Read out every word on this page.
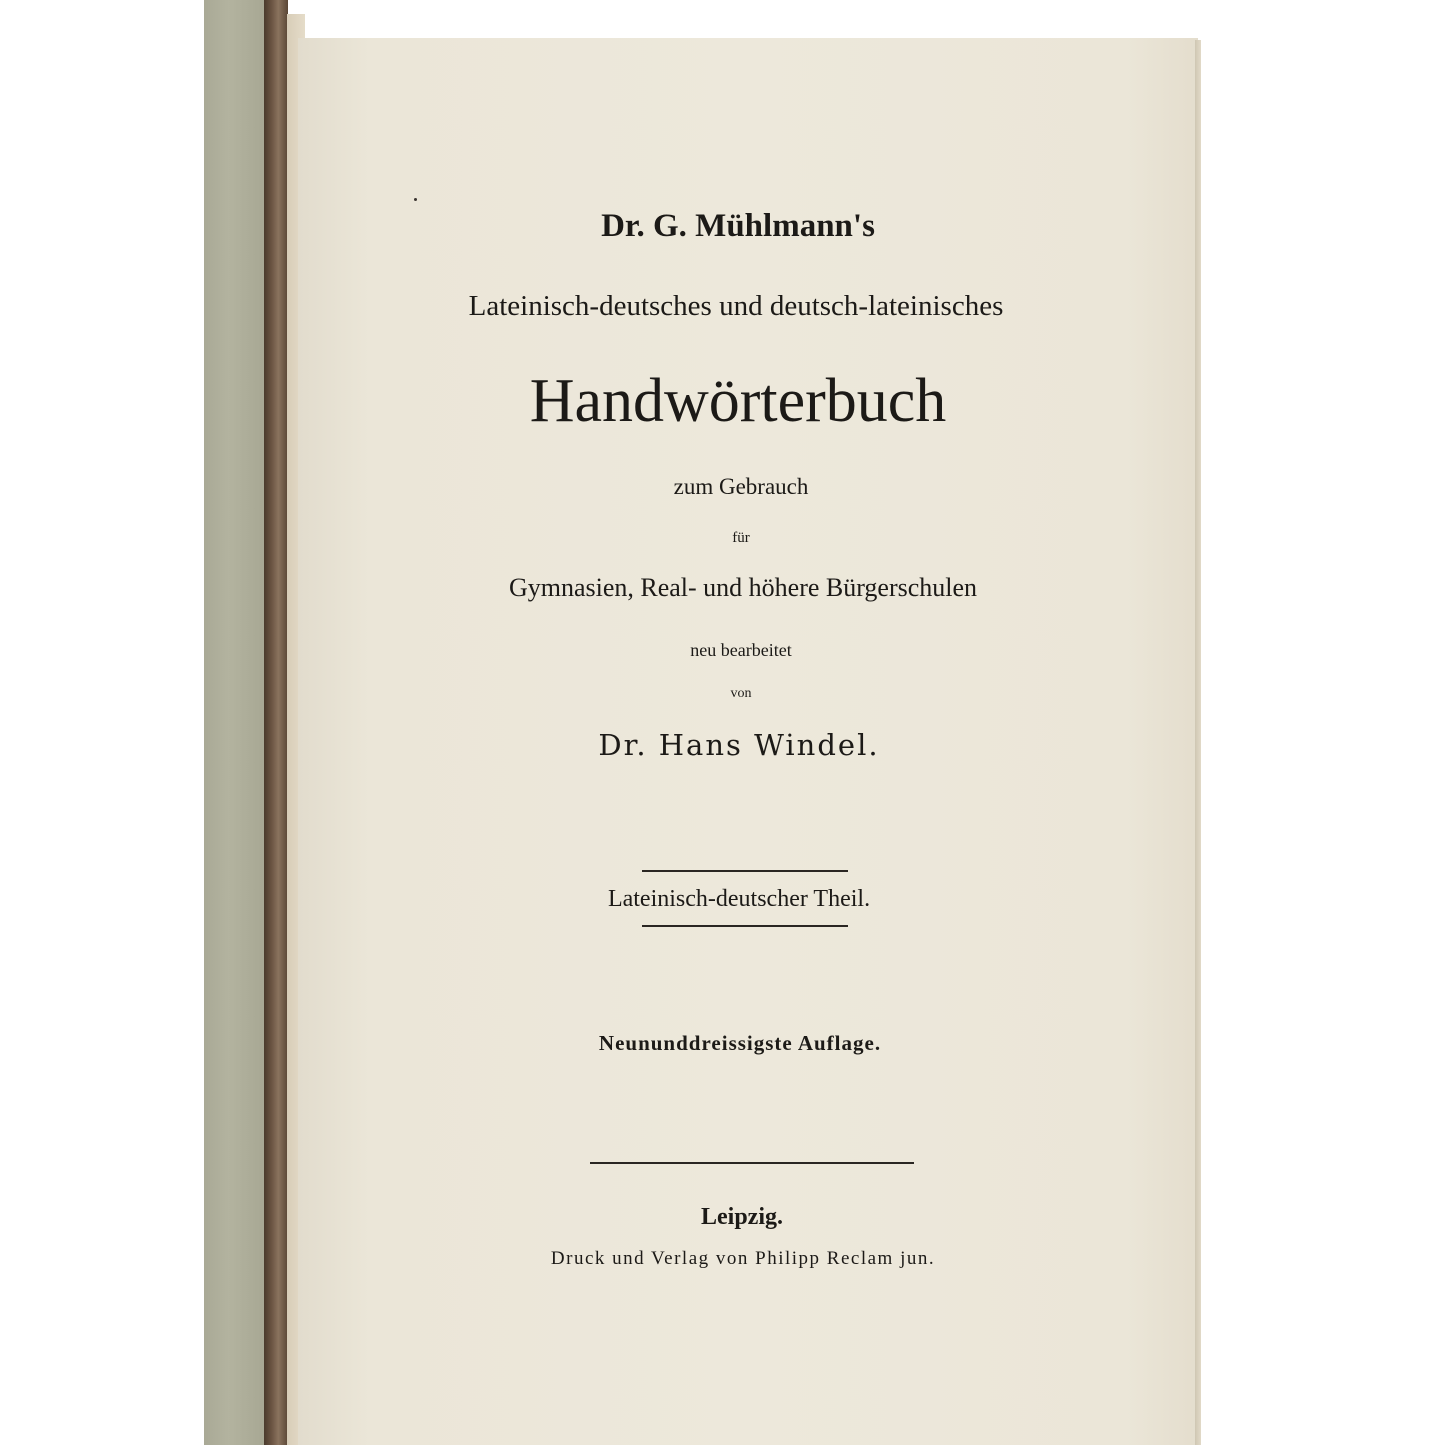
Dr. G. Mühlmann's
Lateinisch-deutsches und deutsch-lateinisches
Handwörterbuch
zum Gebrauch
für
Gymnasien, Real- und höhere Bürgerschulen
neu bearbeitet
von
Dr. Hans Windel.
Lateinisch-deutscher Theil.
Neununddreissigste Auflage.
Leipzig.
Druck und Verlag von Philipp Reclam jun.
